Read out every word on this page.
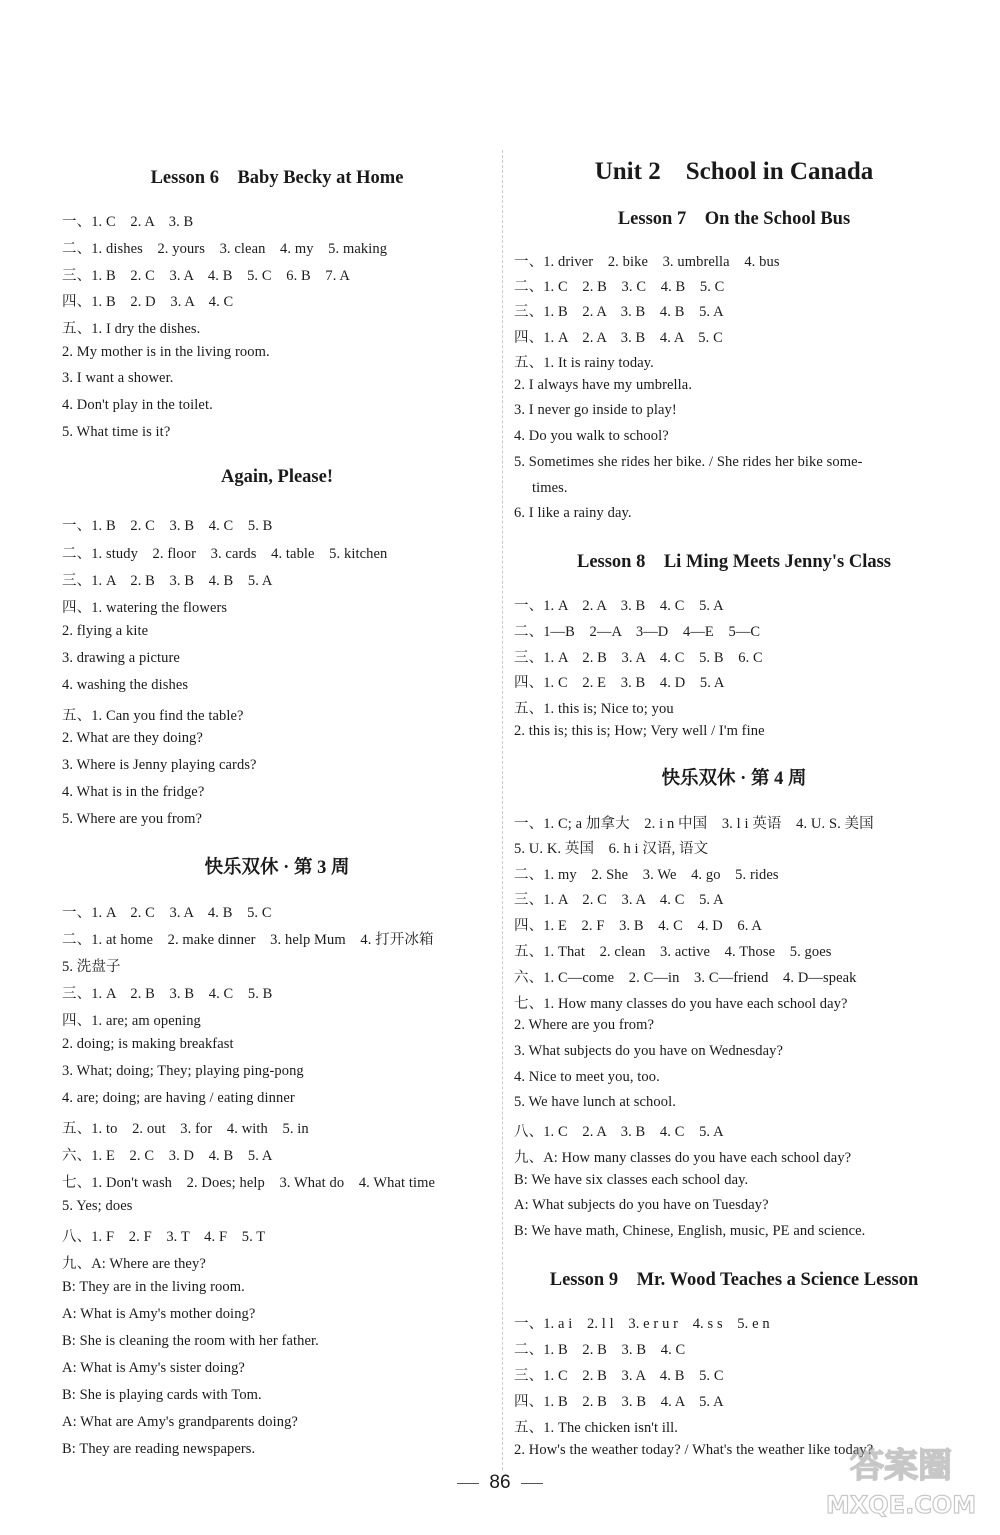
Lesson 6　Baby Becky at Home
一、1. C　2. A　3. B
二、1. dishes　2. yours　3. clean　4. my　5. making
三、1. B　2. C　3. A　4. B　5. C　6. B　7. A
四、1. B　2. D　3. A　4. C
五、1. I dry the dishes.
2. My mother is in the living room.
3. I want a shower.
4. Don't play in the toilet.
5. What time is it?
Again, Please!
一、1. B　2. C　3. B　4. C　5. B
二、1. study　2. floor　3. cards　4. table　5. kitchen
三、1. A　2. B　3. B　4. B　5. A
四、1. watering the flowers
2. flying a kite
3. drawing a picture
4. washing the dishes
五、1. Can you find the table?
2. What are they doing?
3. Where is Jenny playing cards?
4. What is in the fridge?
5. Where are you from?
快乐双休 · 第 3 周
一、1. A　2. C　3. A　4. B　5. C
二、1. at home　2. make dinner　3. help Mum　4. 打开冰箱
5. 洗盘子
三、1. A　2. B　3. B　4. C　5. B
四、1. are; am opening
2. doing; is making breakfast
3. What; doing; They; playing ping-pong
4. are; doing; are having / eating dinner
五、1. to　2. out　3. for　4. with　5. in
六、1. E　2. C　3. D　4. B　5. A
七、1. Don't wash　2. Does; help　3. What do　4. What time
5. Yes; does
八、1. F　2. F　3. T　4. F　5. T
九、A: Where are they?
B: They are in the living room.
A: What is Amy's mother doing?
B: She is cleaning the room with her father.
A: What is Amy's sister doing?
B: She is playing cards with Tom.
A: What are Amy's grandparents doing?
B: They are reading newspapers.
Unit 2　School in Canada
Lesson 7　On the School Bus
一、1. driver　2. bike　3. umbrella　4. bus
二、1. C　2. B　3. C　4. B　5. C
三、1. B　2. A　3. B　4. B　5. A
四、1. A　2. A　3. B　4. A　5. C
五、1. It is rainy today.
2. I always have my umbrella.
3. I never go inside to play!
4. Do you walk to school?
5. Sometimes she rides her bike. / She rides her bike some-
times.
6. I like a rainy day.
Lesson 8　Li Ming Meets Jenny's Class
一、1. A　2. A　3. B　4. C　5. A
二、1—B　2—A　3—D　4—E　5—C
三、1. A　2. B　3. A　4. C　5. B　6. C
四、1. C　2. E　3. B　4. D　5. A
五、1. this is; Nice to; you
2. this is; this is; How; Very well / I'm fine
快乐双休 · 第 4 周
一、1. C; a 加拿大　2. i n 中国　3. l i 英语　4. U. S. 美国
5. U. K. 英国　6. h i 汉语, 语文
二、1. my　2. She　3. We　4. go　5. rides
三、1. A　2. C　3. A　4. C　5. A
四、1. E　2. F　3. B　4. C　4. D　6. A
五、1. That　2. clean　3. active　4. Those　5. goes
六、1. C—come　2. C—in　3. C—friend　4. D—speak
七、1. How many classes do you have each school day?
2. Where are you from?
3. What subjects do you have on Wednesday?
4. Nice to meet you, too.
5. We have lunch at school.
八、1. C　2. A　3. B　4. C　5. A
九、A: How many classes do you have each school day?
B: We have six classes each school day.
A: What subjects do you have on Tuesday?
B: We have math, Chinese, English, music, PE and science.
Lesson 9　Mr. Wood Teaches a Science Lesson
一、1. a i　2. l l　3. e r u r　4. s s　5. e n
二、1. B　2. B　3. B　4. C
三、1. C　2. B　3. A　4. B　5. C
四、1. B　2. B　3. B　4. A　5. A
五、1. The chicken isn't ill.
2. How's the weather today? / What's the weather like today?
86	答案圈
MXQE.COM
